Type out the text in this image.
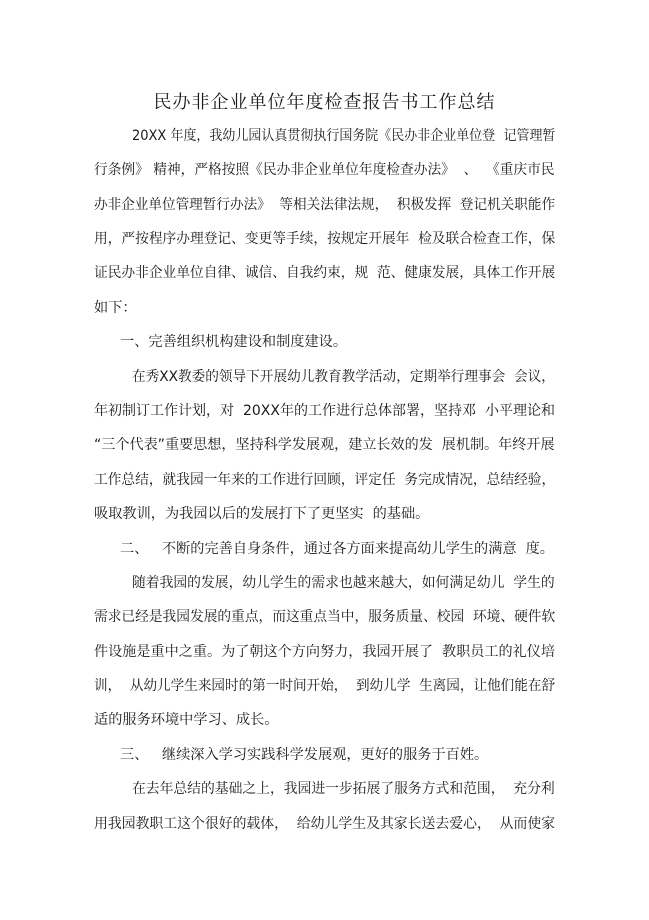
民办非企业单位年度检查报告书工作总结
20XX 年度，我幼儿园认真贯彻执行国务院《民办非企业单位登  记管理暂
行条例》 精神，严格按照《民办非企业单位年度检查办法》  、  《重庆市民
办非企业单位管理暂行办法》  等相关法律法规，  积极发挥  登记机关职能作
用，严按程序办理登记、变更等手续，按规定开展年  检及联合检查工作，保
证民办非企业单位自律、诚信、自我约束，规  范、健康发展，具体工作开展
如下：
一、完善组织机构建设和制度建设。
在秀XX教委的领导下开展幼儿教育教学活动，定期举行理事会  会议，
年初制订工作计划，对  20XX年的工作进行总体部署，坚持邓  小平理论和
“三个代表”重要思想，坚持科学发展观，建立长效的发  展机制。年终开展
工作总结，就我园一年来的工作进行回顾，评定任  务完成情况，总结经验，
吸取教训，为我园以后的发展打下了更坚实  的基础。
二、   不断的完善自身条件，通过各方面来提高幼儿学生的满意  度。
随着我园的发展，幼儿学生的需求也越来越大，如何满足幼儿  学生的
需求已经是我园发展的重点，而这重点当中，服务质量、校园  环境、硬件软
件设施是重中之重。为了朝这个方向努力，我园开展了  教职员工的礼仪培
训，  从幼儿学生来园时的第一时间开始，  到幼儿学  生离园，让他们能在舒
适的服务环境中学习、成长。
三、   继续深入学习实践科学发展观，更好的服务于百姓。
在去年总结的基础之上，我园进一步拓展了服务方式和范围，  充分利
用我园教职工这个很好的载体，  给幼儿学生及其家长送去爱心，  从而使家
